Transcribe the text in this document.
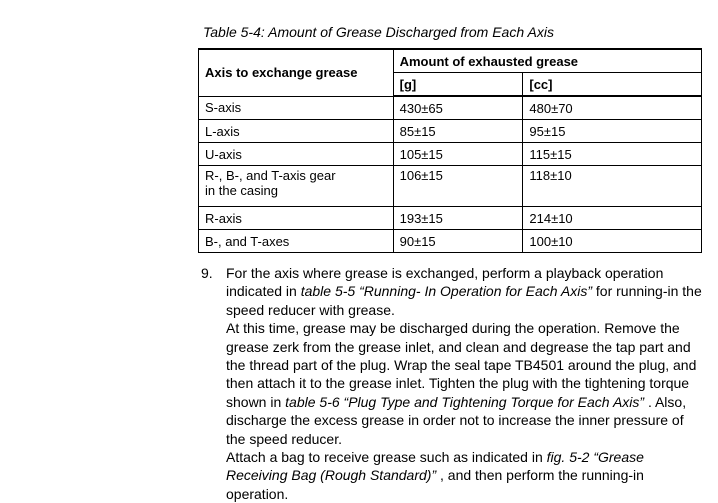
Table 5-4: Amount of Grease Discharged from Each Axis
Axis to exchange grease	Amount of exhausted grease	
	[g]	[cc]
S-axis	430±65	480±70
L-axis	85±15	95±15
U-axis	105±15	115±15
R-, B-, and T-axis gear
in the casing	106±15	118±10
R-axis	193±15	214±10
B-, and T-axes	90±15	100±10
9. For the axis where grease is exchanged, perform a playback operation indicated in table 5-5 “Running- In Operation for Each Axis” for running-in the speed reducer with grease.

At this time, grease may be discharged during the operation. Remove the grease zerk from the grease inlet, and clean and degrease the tap part and the thread part of the plug. Wrap the seal tape TB4501 around the plug, and then attach it to the grease inlet. Tighten the plug with the tightening torque shown in table 5-6 “Plug Type and Tightening Torque for Each Axis” . Also, discharge the excess grease in order not to increase the inner pressure of the speed reducer.

Attach a bag to receive grease such as indicated in fig. 5-2 “Grease Receiving Bag (Rough Standard)” , and then perform the running-in operation.
